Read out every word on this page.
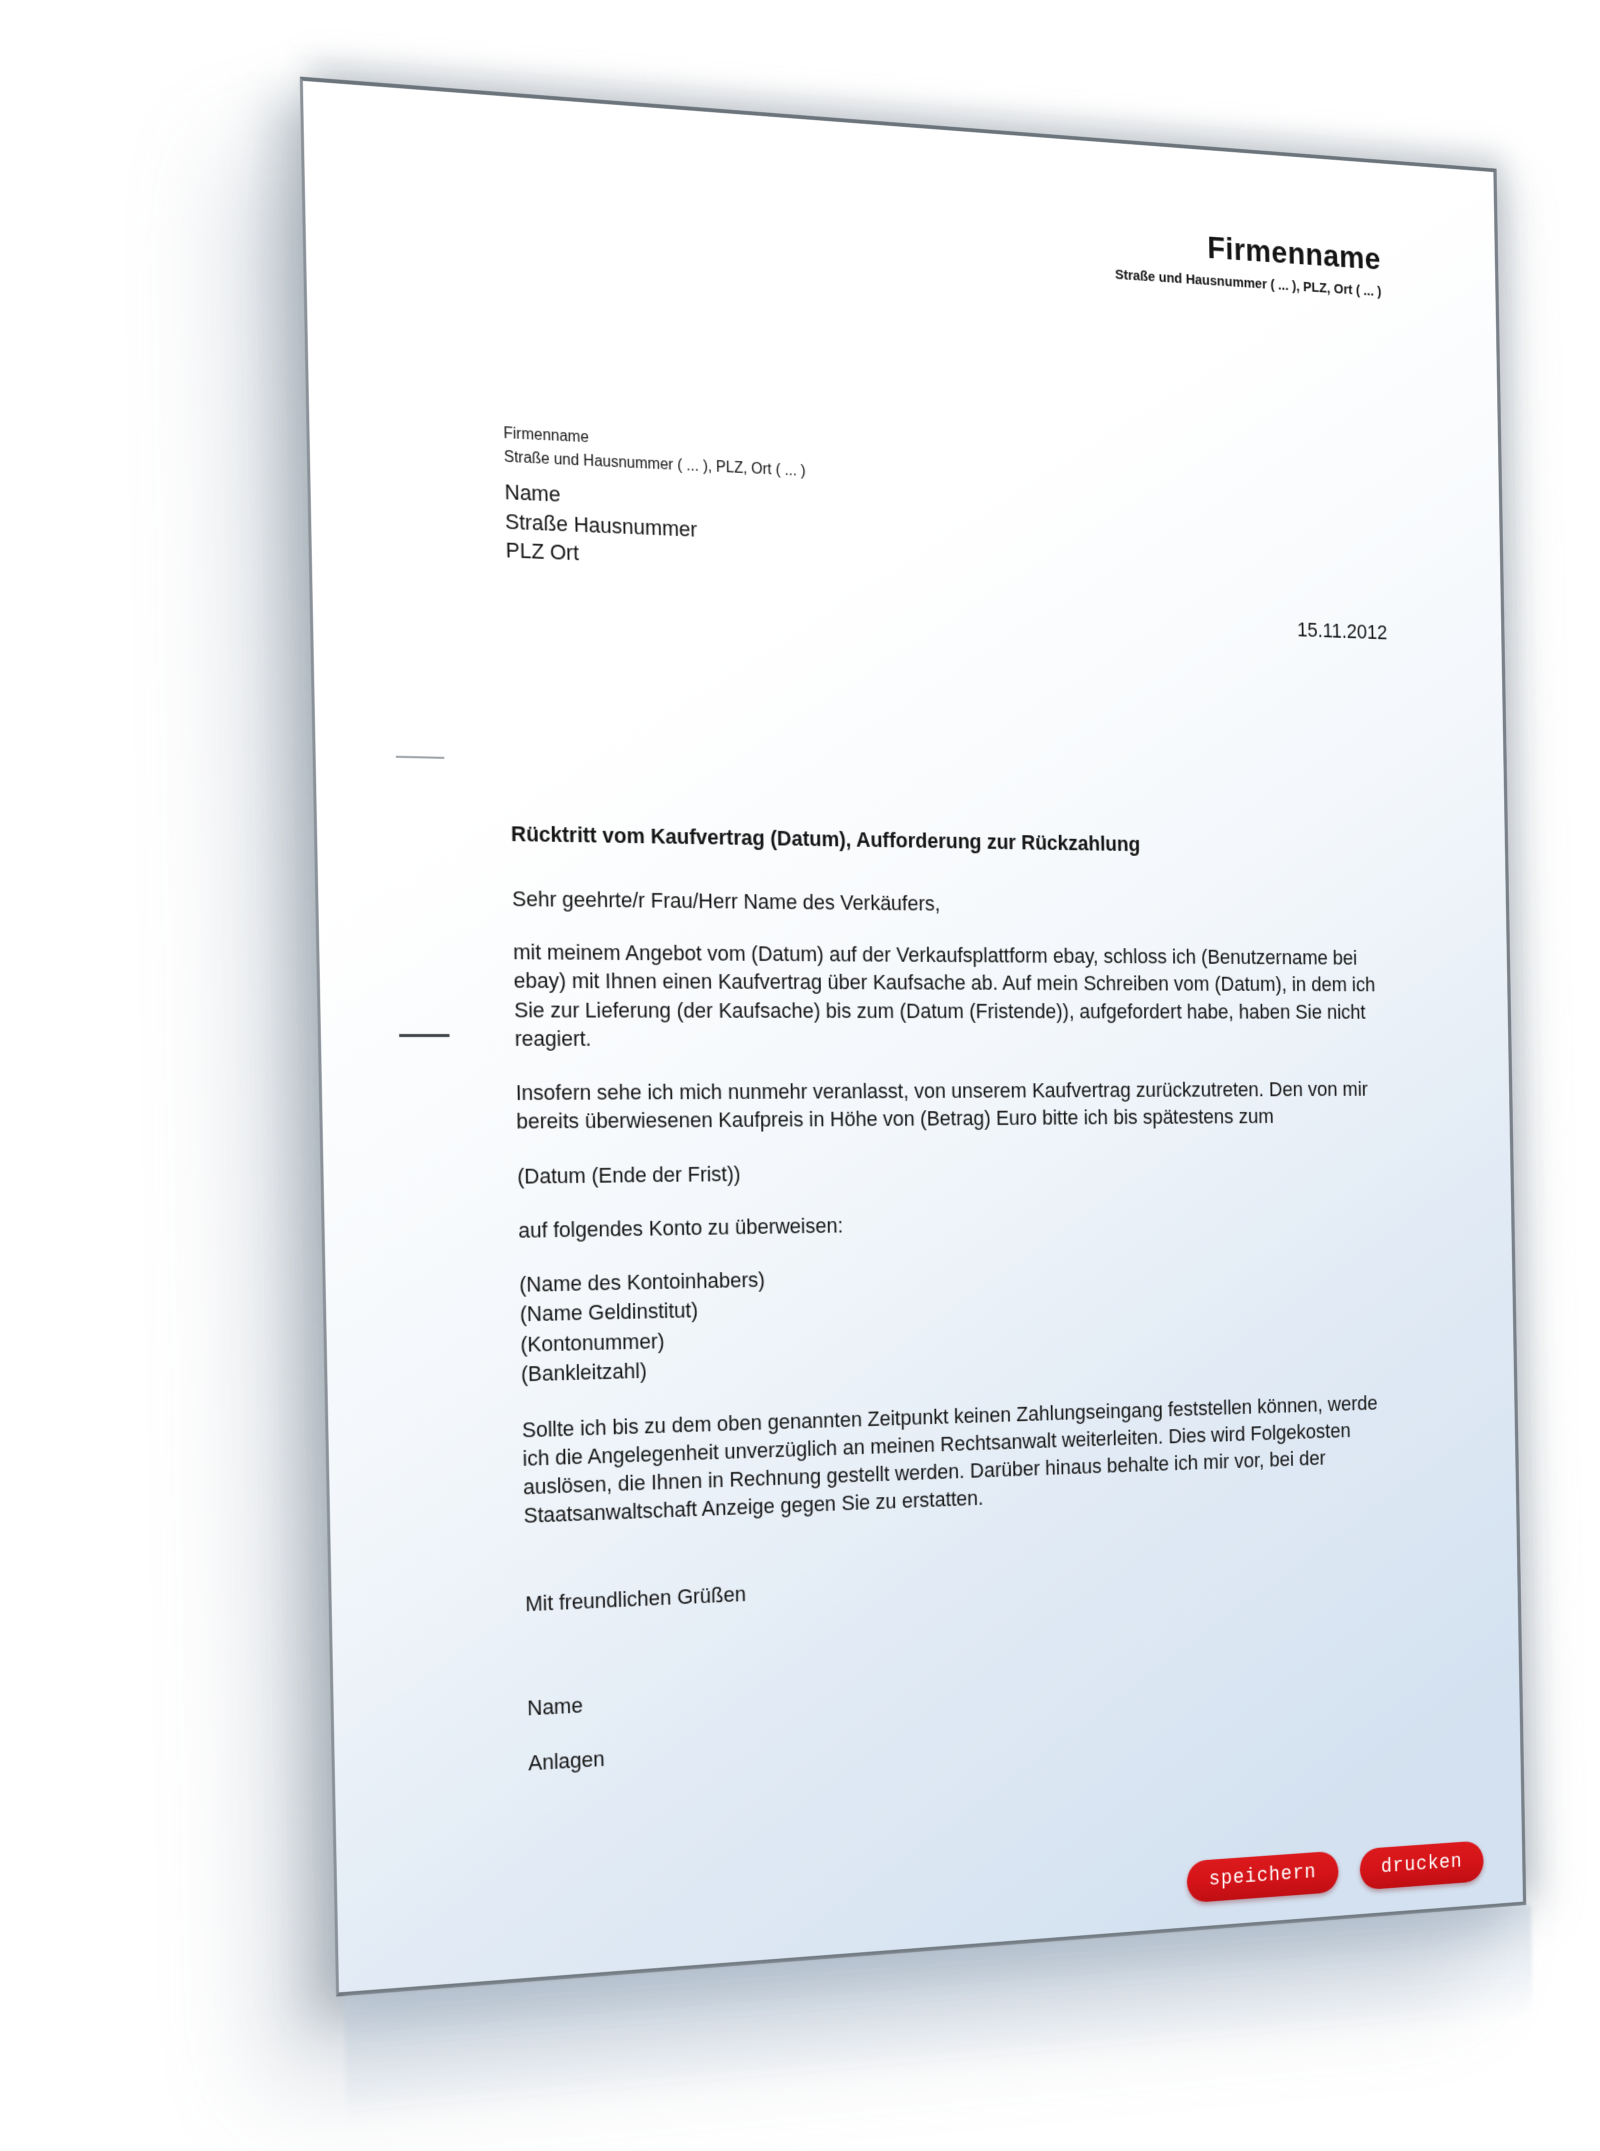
Firmenname
Straße und Hausnummer ( ... ), PLZ, Ort ( ... )
Firmenname
Straße und Hausnummer ( ... ), PLZ, Ort ( ... )
Name
Straße Hausnummer
PLZ Ort
15.11.2012
Rücktritt vom Kaufvertrag (Datum), Aufforderung zur Rückzahlung
Sehr geehrte/r Frau/Herr Name des Verkäufers,

mit meinem Angebot vom (Datum) auf der Verkaufsplattform ebay, schloss ich (Benutzername bei ebay) mit Ihnen einen Kaufvertrag über Kaufsache ab. Auf mein Schreiben vom (Datum), in dem ich Sie zur Lieferung (der Kaufsache) bis zum (Datum (Fristende)), aufgefordert habe, haben Sie nicht reagiert.

Insofern sehe ich mich nunmehr veranlasst, von unserem Kaufvertrag zurückzutreten. Den von mir bereits überwiesenen Kaufpreis in Höhe von (Betrag) Euro bitte ich bis spätestens zum

(Datum (Ende der Frist))

auf folgendes Konto zu überweisen:

(Name des Kontoinhabers)
(Name Geldinstitut)
(Kontonummer)
(Bankleitzahl)

Sollte ich bis zu dem oben genannten Zeitpunkt keinen Zahlungseingang feststellen können, werde ich die Angelegenheit unverzüglich an meinen Rechtsanwalt weiterleiten. Dies wird Folgekosten auslösen, die Ihnen in Rechnung gestellt werden. Darüber hinaus behalte ich mir vor, bei der Staatsanwaltschaft Anzeige gegen Sie zu erstatten.

Mit freundlichen Grüßen
Name
Anlagen
speichern	drucken
